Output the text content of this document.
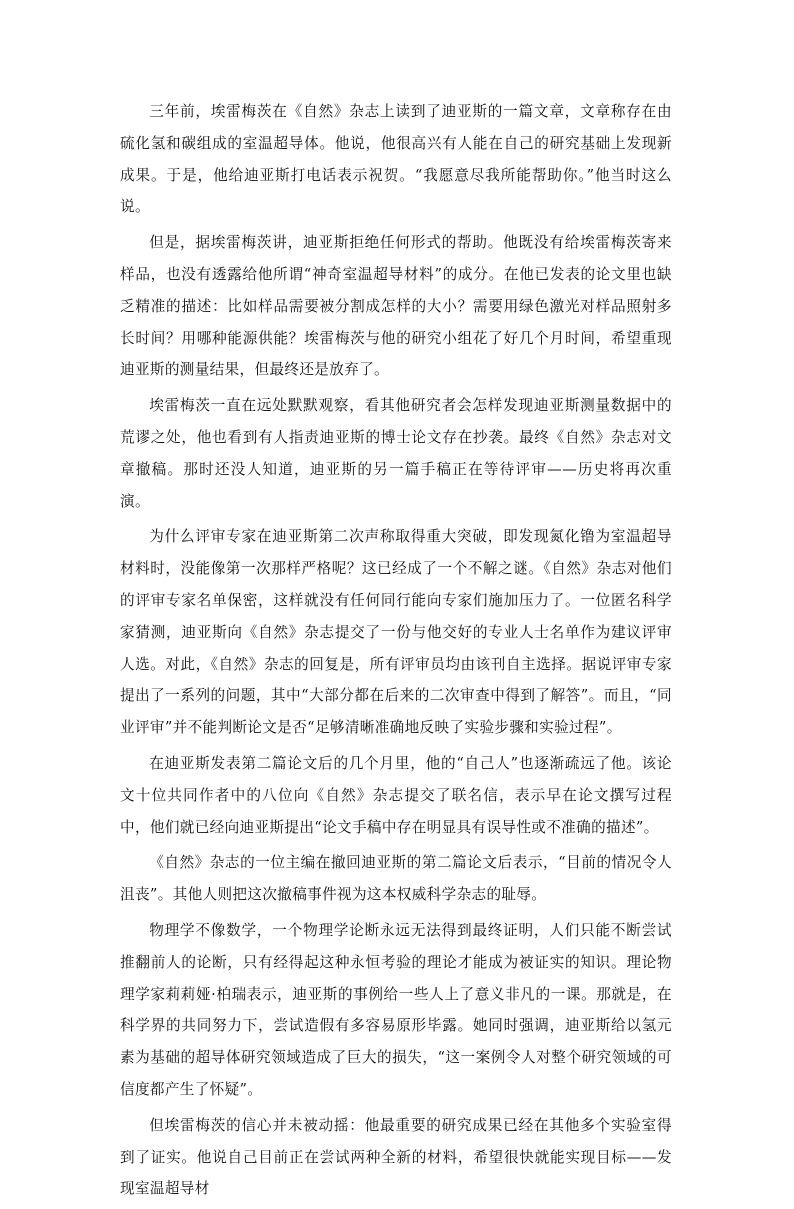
三年前，埃雷梅茨在《自然》杂志上读到了迪亚斯的一篇文章，文章称存在由硫化氢和碳组成的室温超导体。他说，他很高兴有人能在自己的研究基础上发现新成果。于是，他给迪亚斯打电话表示祝贺。“我愿意尽我所能帮助你。”他当时这么说。

但是，据埃雷梅茨讲，迪亚斯拒绝任何形式的帮助。他既没有给埃雷梅茨寄来样品，也没有透露给他所谓“神奇室温超导材料”的成分。在他已发表的论文里也缺乏精准的描述：比如样品需要被分割成怎样的大小？需要用绿色激光对样品照射多长时间？用哪种能源供能？埃雷梅茨与他的研究小组花了好几个月时间，希望重现迪亚斯的测量结果，但最终还是放弃了。

埃雷梅茨一直在远处默默观察，看其他研究者会怎样发现迪亚斯测量数据中的荒谬之处，他也看到有人指责迪亚斯的博士论文存在抄袭。最终《自然》杂志对文章撤稿。那时还没人知道，迪亚斯的另一篇手稿正在等待评审——历史将再次重演。

为什么评审专家在迪亚斯第二次声称取得重大突破，即发现氮化镥为室温超导材料时，没能像第一次那样严格呢？这已经成了一个不解之谜。《自然》杂志对他们的评审专家名单保密，这样就没有任何同行能向专家们施加压力了。一位匿名科学家猜测，迪亚斯向《自然》杂志提交了一份与他交好的专业人士名单作为建议评审人选。对此，《自然》杂志的回复是，所有评审员均由该刊自主选择。据说评审专家提出了一系列的问题，其中“大部分都在后来的二次审查中得到了解答”。而且，“同业评审”并不能判断论文是否“足够清晰准确地反映了实验步骤和实验过程”。

在迪亚斯发表第二篇论文后的几个月里，他的“自己人”也逐渐疏远了他。该论文十位共同作者中的八位向《自然》杂志提交了联名信，表示早在论文撰写过程中，他们就已经向迪亚斯提出“论文手稿中存在明显具有误导性或不准确的描述”。

《自然》杂志的一位主编在撤回迪亚斯的第二篇论文后表示，“目前的情况令人沮丧”。其他人则把这次撤稿事件视为这本权威科学杂志的耻辱。

物理学不像数学，一个物理学论断永远无法得到最终证明，人们只能不断尝试推翻前人的论断，只有经得起这种永恒考验的理论才能成为被证实的知识。理论物理学家莉莉娅·柏瑞表示，迪亚斯的事例给一些人上了意义非凡的一课。那就是，在科学界的共同努力下，尝试造假有多容易原形毕露。她同时强调，迪亚斯给以氢元素为基础的超导体研究领域造成了巨大的损失，“这一案例令人对整个研究领域的可信度都产生了怀疑”。

但埃雷梅茨的信心并未被动摇：他最重要的研究成果已经在其他多个实验室得到了证实。他说自己目前正在尝试两种全新的材料，希望很快就能实现目标——发现室温超导材
